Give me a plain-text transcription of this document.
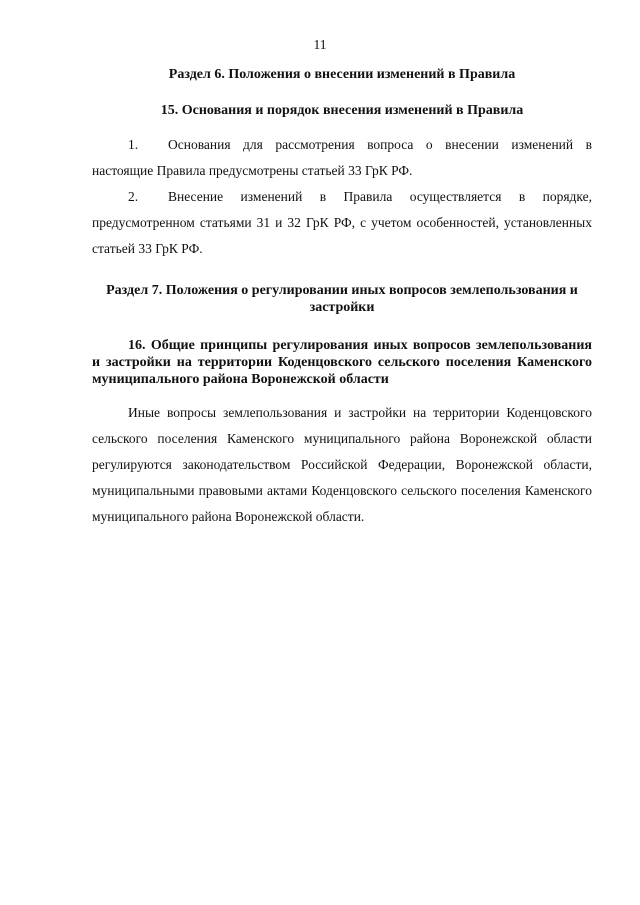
11
Раздел 6. Положения о внесении изменений в Правила
15. Основания и порядок внесения изменений в Правила

1. Основания для рассмотрения вопроса о внесении изменений в настоящие Правила предусмотрены статьей 33 ГрК РФ.

2. Внесение изменений в Правила осуществляется в порядке, предусмотренном статьями 31 и 32 ГрК РФ, с учетом особенностей, установленных статьей 33 ГрК РФ.

Раздел 7. Положения о регулировании иных вопросов землепользования и застройки
16. Общие принципы регулирования иных вопросов землепользования и застройки на территории Коденцовского сельского поселения Каменского муниципального района Воронежской области

Иные вопросы землепользования и застройки на территории Коденцовского сельского поселения Каменского муниципального района Воронежской области регулируются законодательством Российской Федерации, Воронежской области, муниципальными правовыми актами Коденцовского сельского поселения Каменского муниципального района Воронежской области.
